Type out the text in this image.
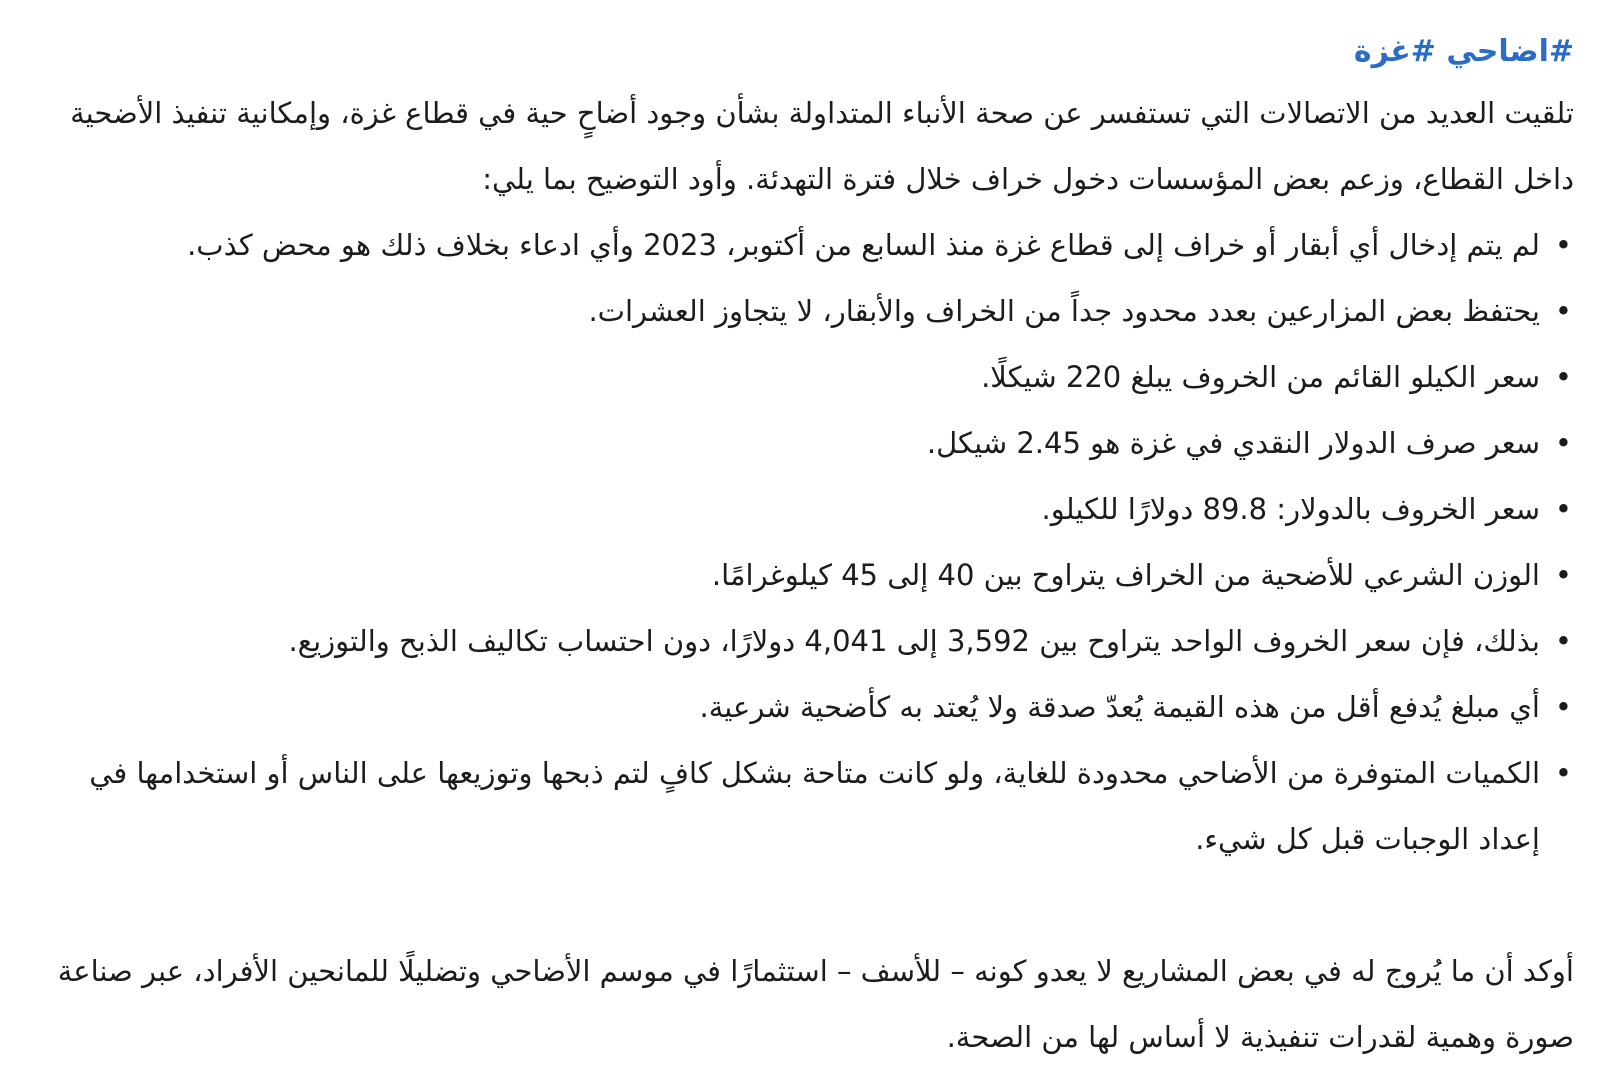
#اضاحي #غزة

تلقيت العديد من الاتصالات التي تستفسر عن صحة الأنباء المتداولة بشأن وجود أضاحٍ حية في قطاع غزة، وإمكانية تنفيذ الأضحية داخل القطاع، وزعم بعض المؤسسات دخول خراف خلال فترة التهدئة. وأود التوضيح بما يلي:

• لم يتم إدخال أي أبقار أو خراف إلى قطاع غزة منذ السابع من أكتوبر، 2023 وأي ادعاء بخلاف ذلك هو محض كذب.
• يحتفظ بعض المزارعين بعدد محدود جداً من الخراف والأبقار، لا يتجاوز العشرات.
• سعر الكيلو القائم من الخروف يبلغ 220 شيكلًا.
• سعر صرف الدولار النقدي في غزة هو 2.45 شيكل.
• سعر الخروف بالدولار: 89.8 دولارًا للكيلو.
• الوزن الشرعي للأضحية من الخراف يتراوح بين 40 إلى 45 كيلوغرامًا.
• بذلك، فإن سعر الخروف الواحد يتراوح بين 3,592 إلى 4,041 دولارًا، دون احتساب تكاليف الذبح والتوزيع.
• أي مبلغ يُدفع أقل من هذه القيمة يُعدّ صدقة ولا يُعتد به كأضحية شرعية.
• الكميات المتوفرة من الأضاحي محدودة للغاية، ولو كانت متاحة بشكل كافٍ لتم ذبحها وتوزيعها على الناس أو استخدامها في إعداد الوجبات قبل كل شيء.

أوكد أن ما يُروج له في بعض المشاريع لا يعدو كونه – للأسف – استثمارًا في موسم الأضاحي وتضليلًا للمانحين الأفراد، عبر صناعة صورة وهمية لقدرات تنفيذية لا أساس لها من الصحة.
